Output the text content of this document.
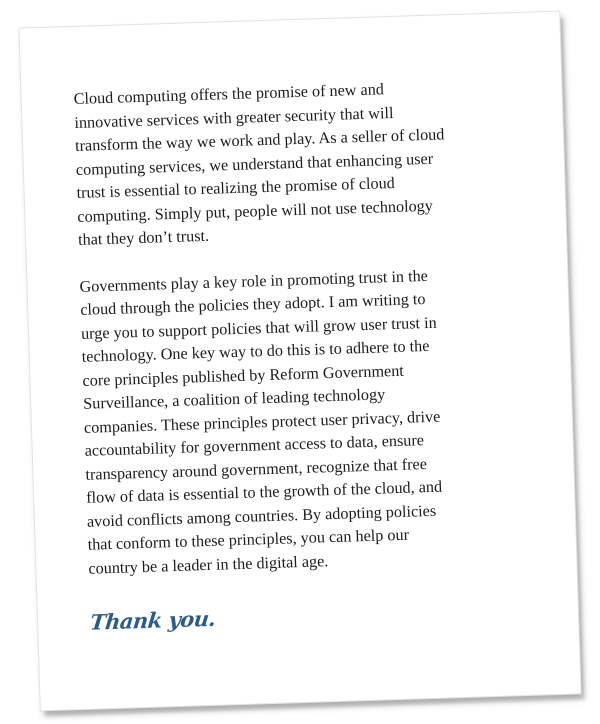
Cloud computing offers the promise of new and
innovative services with greater security that will
transform the way we work and play. As a seller of cloud
computing services, we understand that enhancing user
trust is essential to realizing the promise of cloud
computing. Simply put, people will not use technology
that they don’t trust.

Governments play a key role in promoting trust in the
cloud through the policies they adopt. I am writing to
urge you to support policies that will grow user trust in
technology. One key way to do this is to adhere to the
core principles published by Reform Government
Surveillance, a coalition of leading technology
companies. These principles protect user privacy, drive
accountability for government access to data, ensure
transparency around government, recognize that free
flow of data is essential to the growth of the cloud, and
avoid conflicts among countries. By adopting policies
that conform to these principles, you can help our
country be a leader in the digital age.

Thank you.
